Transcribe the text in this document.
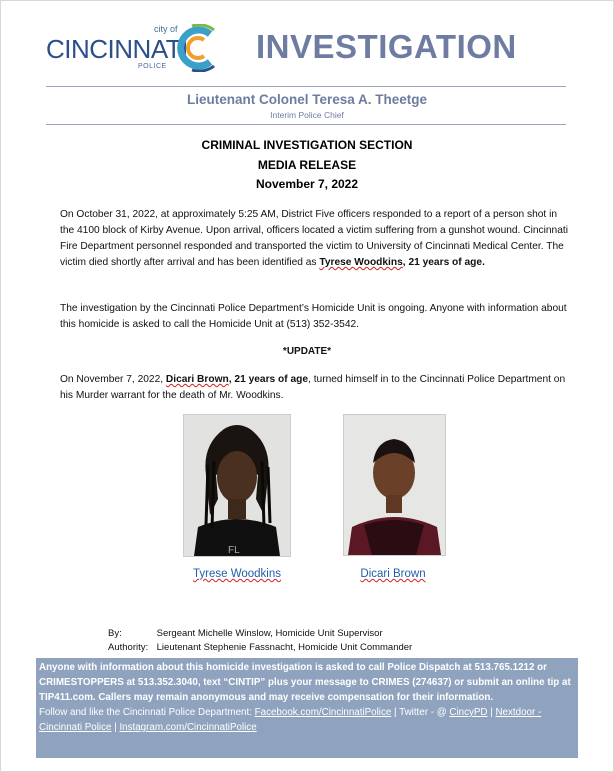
city of
CINCINNATI
POLICE
INVESTIGATION
Lieutenant Colonel Teresa A. Theetge
Interim Police Chief
CRIMINAL INVESTIGATION SECTION
MEDIA RELEASE
November 7, 2022
On October 31, 2022, at approximately 5:25 AM, District Five officers responded to a report of a person shot in the 4100 block of Kirby Avenue. Upon arrival, officers located a victim suffering from a gunshot wound. Cincinnati Fire Department personnel responded and transported the victim to University of Cincinnati Medical Center. The victim died shortly after arrival and has been identified as Tyrese Woodkins, 21 years of age.
The investigation by the Cincinnati Police Department’s Homicide Unit is ongoing. Anyone with information about this homicide is asked to call the Homicide Unit at (513) 352-3542.
*UPDATE*
On November 7, 2022, Dicari Brown, 21 years of age, turned himself in to the Cincinnati Police Department on his Murder warrant for the death of Mr. Woodkins.
FL
Tyrese Woodkins	Dicari Brown
By:	Sergeant Michelle Winslow, Homicide Unit Supervisor
Authority: Lieutenant Stephenie Fassnacht, Homicide Unit Commander
Anyone with information about this homicide investigation is asked to call Police Dispatch at 513.765.1212 or CRIMESTOPPERS at 513.352.3040, text “CINTIP” plus your message to CRIMES (274637) or submit an online tip at TIP411.com. Callers may remain anonymous and may receive compensation for their information.
Follow and like the Cincinnati Police Department: Facebook.com/CincinnatiPolice | Twitter - @ CincyPD | Nextdoor - Cincinnati Police | Instagram.com/CincinnatiPolice
